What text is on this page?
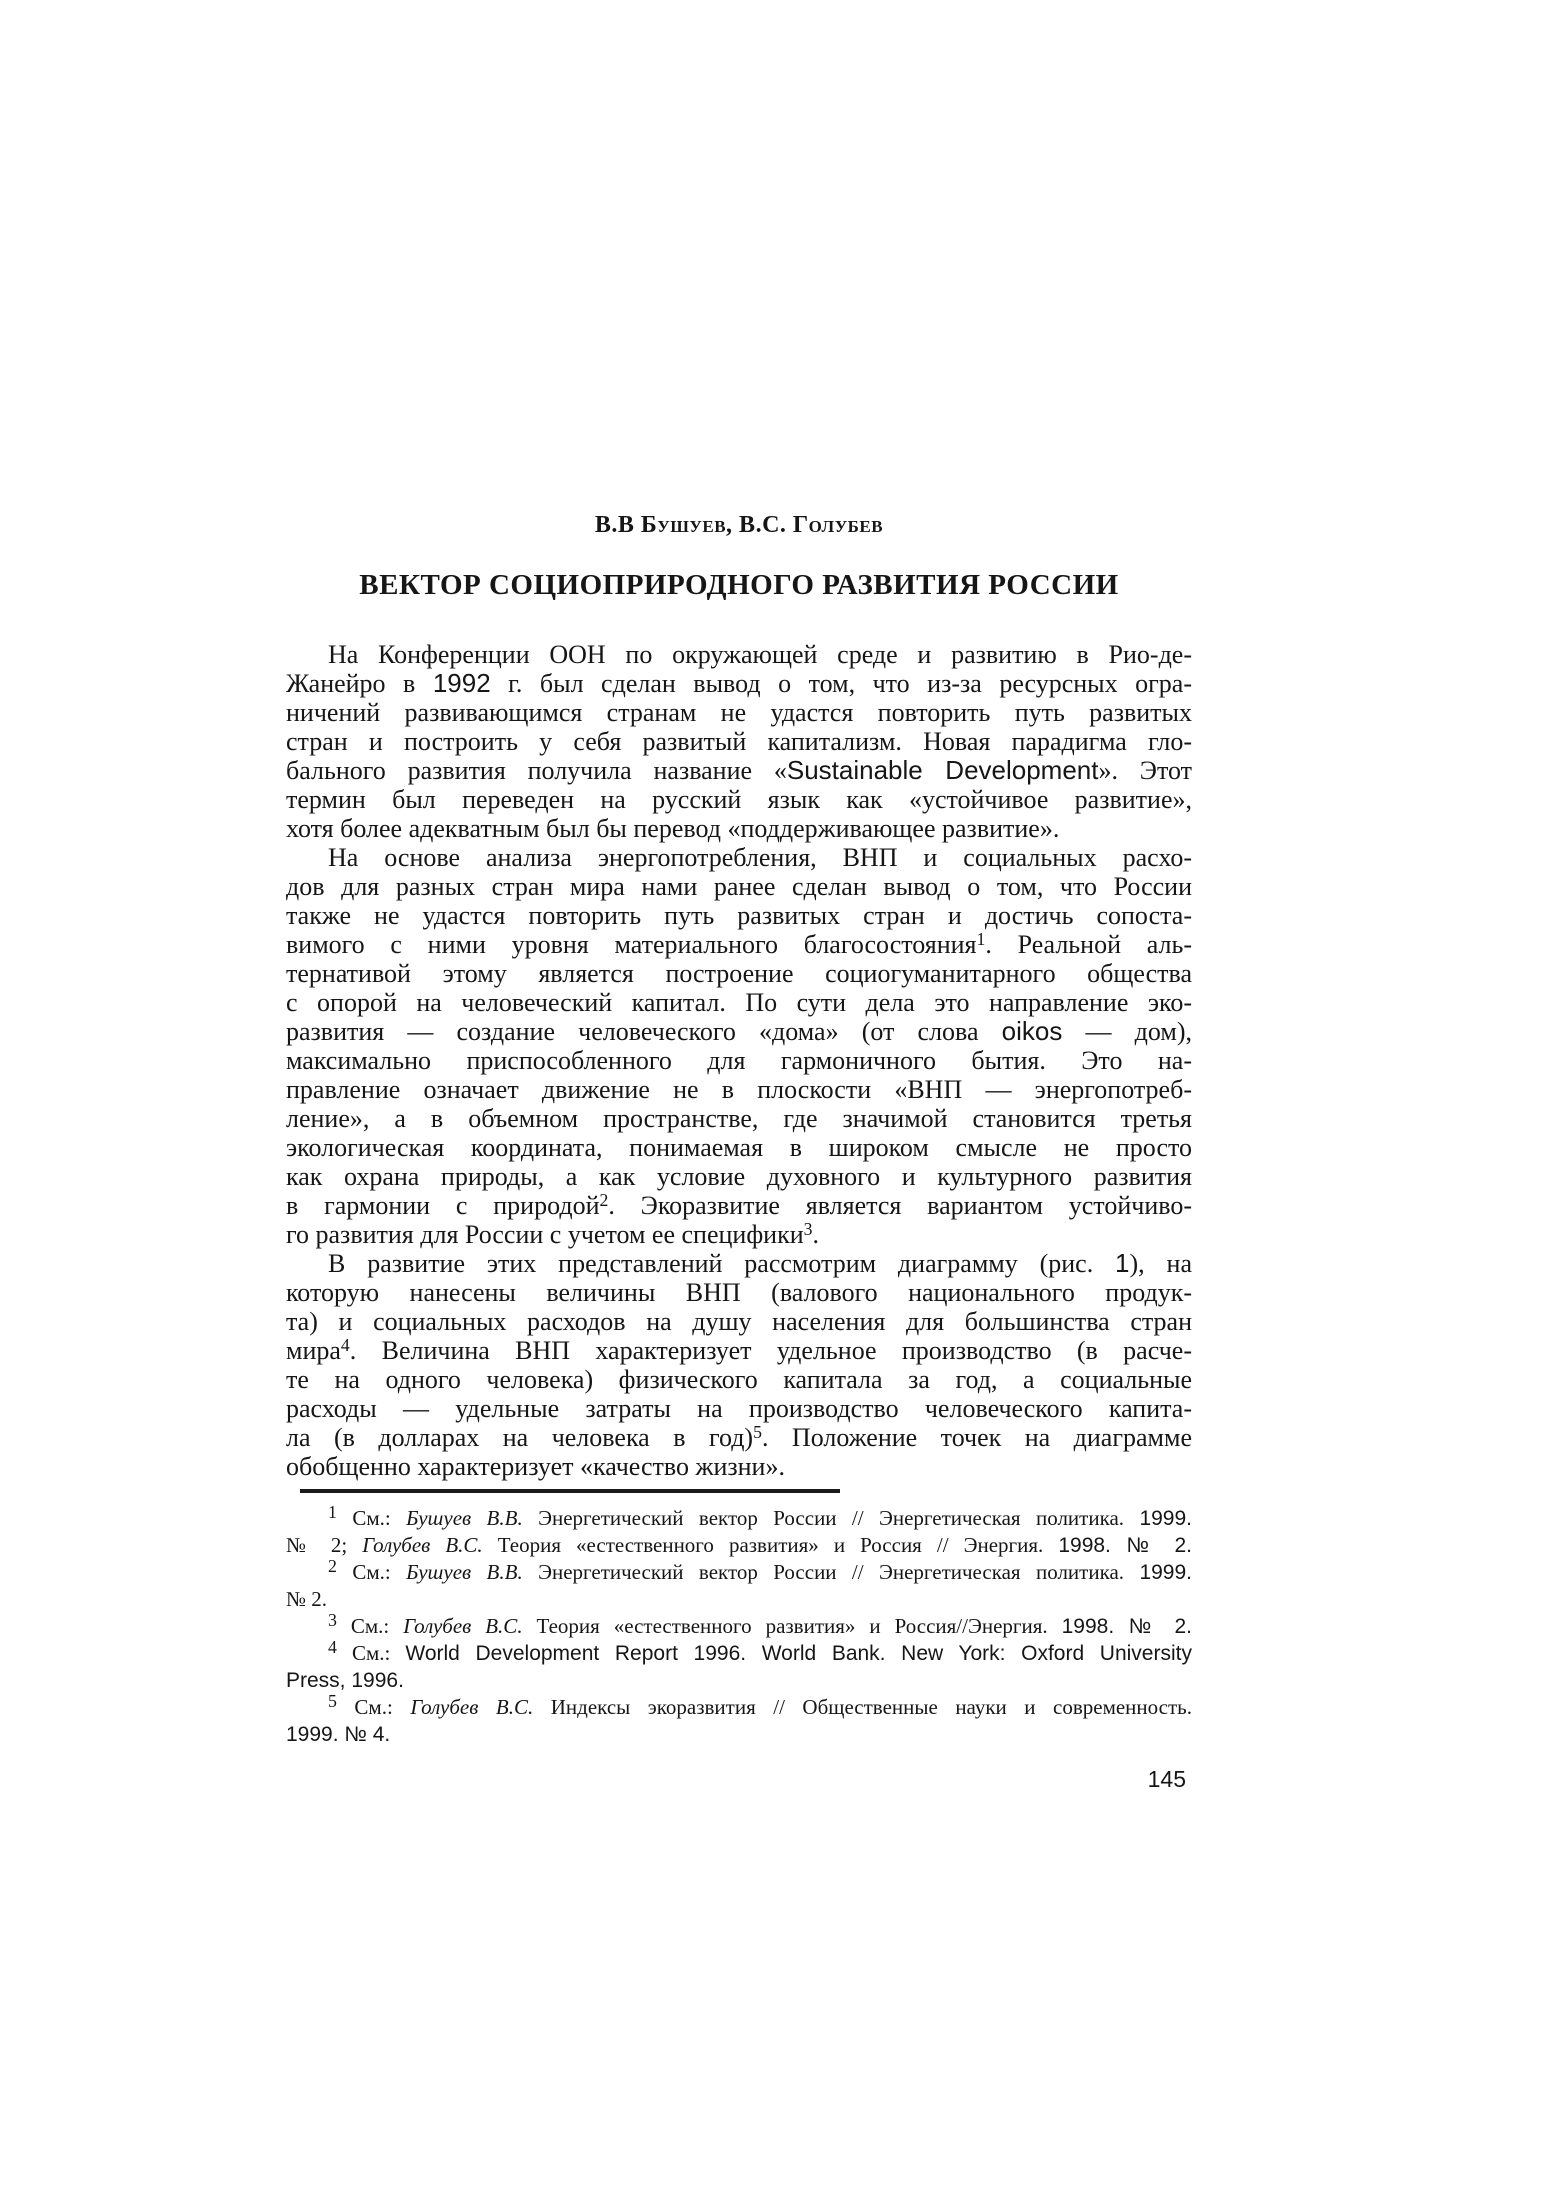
В.В Бушуев, В.С. Голубев
ВЕКТОР СОЦИОПРИРОДНОГО РАЗВИТИЯ РОССИИ
На Конференции ООН по окружающей среде и развитию в Рио-де-
Жанейро в 1992 г. был сделан вывод о том, что из-за ресурсных огра-
ничений развивающимся странам не удастся повторить путь развитых
стран и построить у себя развитый капитализм. Новая парадигма гло-
бального развития получила название «Sustainable Development». Этот
термин был переведен на русский язык как «устойчивое развитие»,
хотя более адекватным был бы перевод «поддерживающее развитие».
На основе анализа энергопотребления, ВНП и социальных расхо-
дов для разных стран мира нами ранее сделан вывод о том, что России
также не удастся повторить путь развитых стран и достичь сопоста-
вимого с ними уровня материального благосостояния$^1$. Реальной аль-
тернативой этому является построение социогуманитарного общества
с опорой на человеческий капитал. По сути дела это направление эко-
развития — создание человеческого «дома» (от слова oikos — дом),
максимально приспособленного для гармоничного бытия. Это на-
правление означает движение не в плоскости «ВНП — энергопотреб-
ление», а в объемном пространстве, где значимой становится третья
экологическая координата, понимаемая в широком смысле не просто
как охрана природы, а как условие духовного и культурного развития
в гармонии с природой$^2$. Экоразвитие является вариантом устойчиво-
го развития для России с учетом ее специфики$^3$.
В развитие этих представлений рассмотрим диаграмму (рис. 1), на
которую нанесены величины ВНП (валового национального продук-
та) и социальных расходов на душу населения для большинства стран
мира$^4$. Величина ВНП характеризует удельное производство (в расче-
те на одного человека) физического капитала за год, а социальные
расходы — удельные затраты на производство человеческого капита-
ла (в долларах на человека в год)$^5$. Положение точек на диаграмме
обобщенно характеризует «качество жизни».
1 См.: Бушуев В.В. Энергетический вектор России // Энергетическая политика. 1999.
№ 2; Голубев В.С. Теория «естественного развития» и Россия // Энергия. 1998. № 2.
2 См.: Бушуев В.В. Энергетический вектор России // Энергетическая политика. 1999.
№ 2.
3 См.: Голубев В.С. Теория «естественного развития» и Россия//Энергия. 1998. № 2.
4 См.: World Development Report 1996. World Bank. New York: Oxford University
Press, 1996.
5 См.: Голубев В.С. Индексы экоразвития // Общественные науки и современность.
1999. № 4.
145
